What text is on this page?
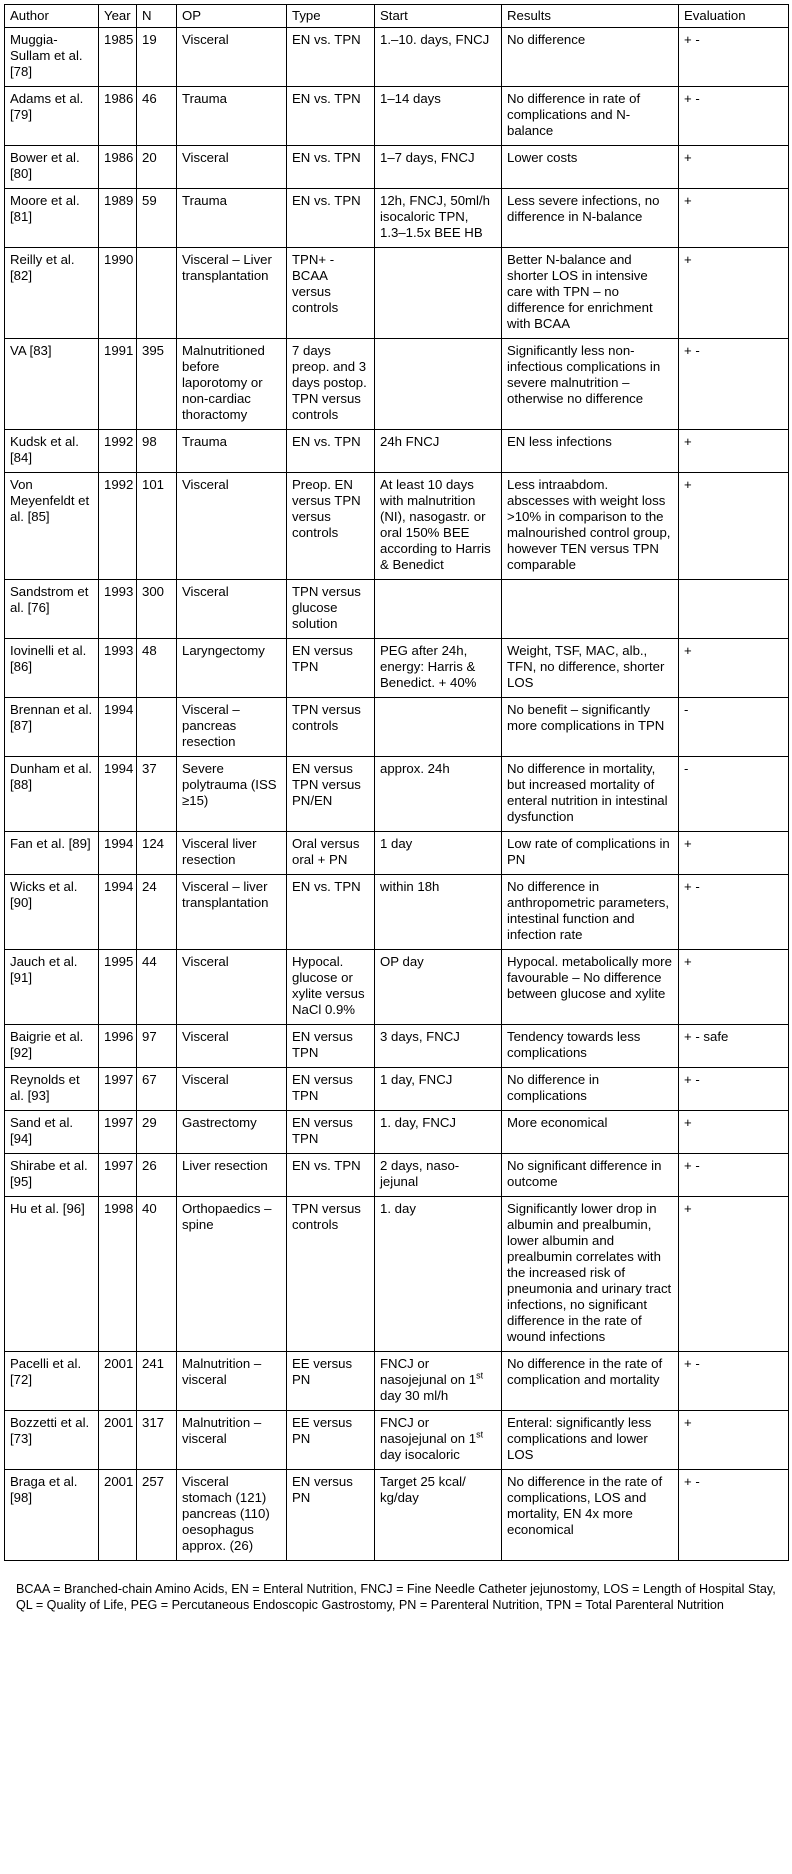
Author	Year	N	OP	Type	Start	Results	Evaluation
Muggia-Sullam et al. [78]	1985	19	Visceral	EN vs. TPN	1.–10. days, FNCJ	No difference	+ -
Adams et al. [79]	1986	46	Trauma	EN vs. TPN	1–14 days	No difference in rate of complications and N-balance	+ -
Bower et al. [80]	1986	20	Visceral	EN vs. TPN	1–7 days, FNCJ	Lower costs	+
Moore et al. [81]	1989	59	Trauma	EN vs. TPN	12h, FNCJ, 50ml/h isocaloric TPN, 1.3–1.5x BEE HB	Less severe infections, no difference in N-balance	+
Reilly et al. [82]	1990		Visceral – Liver transplantation	TPN+ - BCAA versus controls		Better N-balance and shorter LOS in intensive care with TPN – no difference for enrichment with BCAA	+
VA [83]	1991	395	Malnutritioned before laporotomy or non-cardiac thoractomy	7 days preop. and 3 days postop. TPN versus controls		Significantly less non-infectious complications in severe malnutrition – otherwise no difference	+ -
Kudsk et al. [84]	1992	98	Trauma	EN vs. TPN	24h FNCJ	EN less infections	+
Von Meyenfeldt et al. [85]	1992	101	Visceral	Preop. EN versus TPN versus controls	At least 10 days with malnutrition (NI), nasogastr. or oral 150% BEE according to Harris & Benedict	Less intraabdom. abscesses with weight loss >10% in comparison to the malnourished control group, however TEN versus TPN comparable	+
Sandstrom et al. [76]	1993	300	Visceral	TPN versus glucose solution			
Iovinelli et al. [86]	1993	48	Laryngectomy	EN versus TPN	PEG after 24h, energy: Harris & Benedict. + 40%	Weight, TSF, MAC, alb., TFN, no difference, shorter LOS	+
Brennan et al. [87]	1994		Visceral – pancreas resection	TPN versus controls		No benefit – significantly more complications in TPN	-
Dunham et al. [88]	1994	37	Severe polytrauma (ISS ≥15)	EN versus TPN versus PN/EN	approx. 24h	No difference in mortality, but increased mortality of enteral nutrition in intestinal dysfunction	-
Fan et al. [89]	1994	124	Visceral liver resection	Oral versus oral + PN	1 day	Low rate of complications in PN	+
Wicks et al. [90]	1994	24	Visceral – liver transplantation	EN vs. TPN	within 18h	No difference in anthropometric parameters, intestinal function and infection rate	+ -
Jauch et al. [91]	1995	44	Visceral	Hypocal. glucose or xylite versus NaCl 0.9%	OP day	Hypocal. metabolically more favourable – No difference between glucose and xylite	+
Baigrie et al. [92]	1996	97	Visceral	EN versus TPN	3 days, FNCJ	Tendency towards less complications	+ - safe
Reynolds et al. [93]	1997	67	Visceral	EN versus TPN	1 day, FNCJ	No difference in complications	+ -
Sand et al. [94]	1997	29	Gastrectomy	EN versus TPN	1. day, FNCJ	More economical	+
Shirabe et al. [95]	1997	26	Liver resection	EN vs. TPN	2 days, naso-jejunal	No significant difference in outcome	+ -
Hu et al. [96]	1998	40	Orthopaedics – spine	TPN versus controls	1. day	Significantly lower drop in albumin and prealbumin, lower albumin and prealbumin correlates with the increased risk of pneumonia and urinary tract infections, no significant difference in the rate of wound infections	+
Pacelli et al. [72]	2001	241	Malnutrition – visceral	EE versus PN	FNCJ or nasojejunal on 1st day 30 ml/h	No difference in the rate of complication and mortality	+ -
Bozzetti et al. [73]	2001	317	Malnutrition – visceral	EE versus PN	FNCJ or nasojejunal on 1st day isocaloric	Enteral: significantly less complications and lower LOS	+
Braga et al. [98]	2001	257	Visceral stomach (121) pancreas (110) oesophagus approx. (26)	EN versus PN	Target 25 kcal/ kg/day	No difference in the rate of complications, LOS and mortality, EN 4x more economical	+ -
BCAA = Branched-chain Amino Acids, EN = Enteral Nutrition, FNCJ = Fine Needle Catheter jejunostomy, LOS = Length of Hospital Stay, QL = Quality of Life, PEG = Percutaneous Endoscopic Gastrostomy, PN = Parenteral Nutrition, TPN = Total Parenteral Nutrition
